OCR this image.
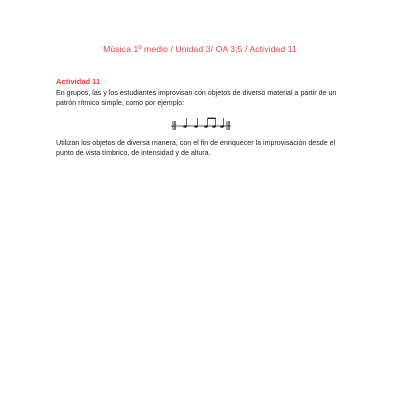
Música 1º medio / Unidad 3/ OA 3;5 / Actividad 11
Actividad 11
En grupos, las y los estudiantes improvisan con objetos de diverso material a partir de un patrón rítmico simple, como por ejemplo:
Utilizan los objetos de diversa manera, con el fin de enriquecer la improvisación desde el punto de vista tímbrico, de intensidad y de altura.
